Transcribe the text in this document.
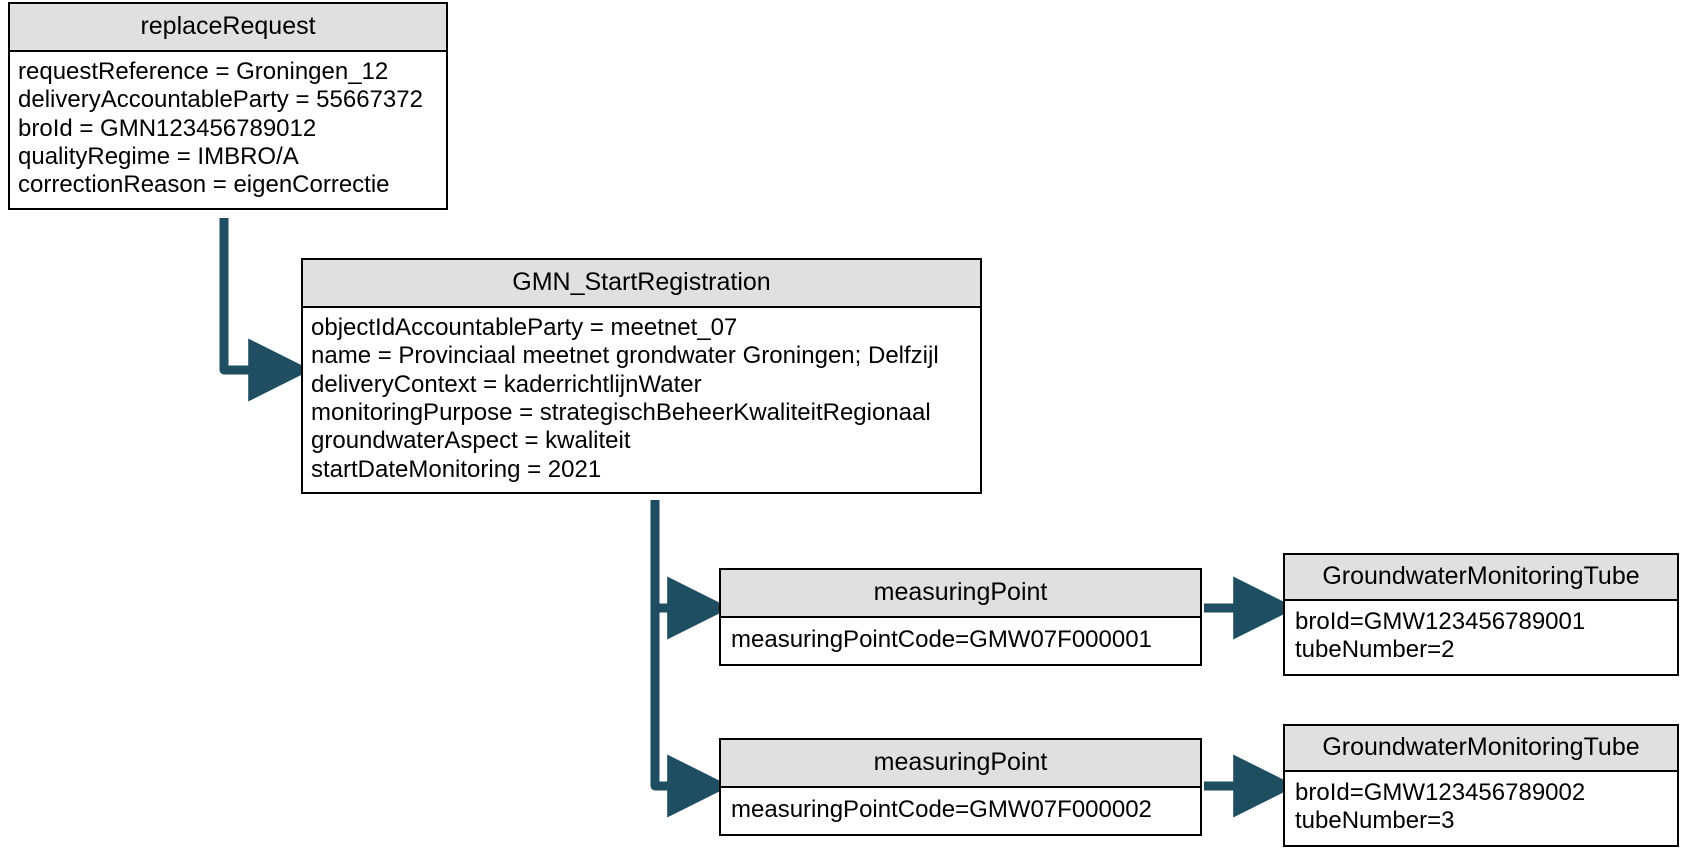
replaceRequest
requestReference = Groningen_12
deliveryAccountableParty = 55667372
broId = GMN123456789012
qualityRegime = IMBRO/A
correctionReason = eigenCorrectie
GMN_StartRegistration
objectIdAccountableParty = meetnet_07
name = Provinciaal meetnet grondwater Groningen; Delfzijl
deliveryContext = kaderrichtlijnWater
monitoringPurpose = strategischBeheerKwaliteitRegionaal
groundwaterAspect = kwaliteit
startDateMonitoring = 2021
measuringPoint
measuringPointCode=GMW07F000001
measuringPoint
measuringPointCode=GMW07F000002
GroundwaterMonitoringTube
broId=GMW123456789001
tubeNumber=2
GroundwaterMonitoringTube
broId=GMW123456789002
tubeNumber=3
